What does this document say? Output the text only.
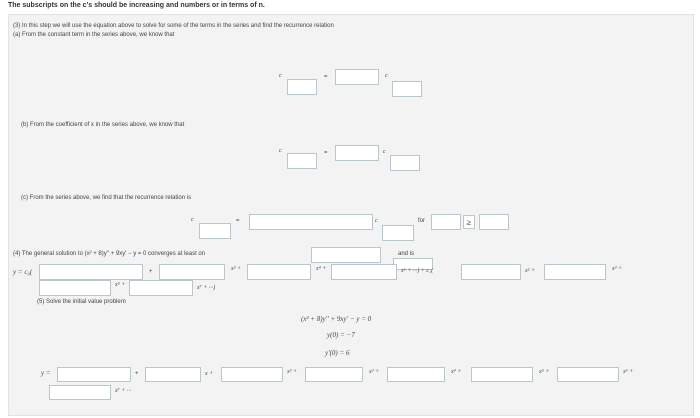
The subscripts on the c's should be increasing and numbers or in terms of n.
(3) In this step we will use the equation above to solve for some of the terms in the series and find the recurrence relation
(a) From the constant term in the series above, we know that
c	=	c
(b) From the coefficient of x in the series above, we know that
c	=	c
(c) From the series above, we find that the recurrence relation is
c	=	c	for	≥
(4) The general solution to (x² + 8)y'' + 9xy' − y = 0 converges at least on	and is
y = c₀(	+	x² +	x⁴ +	x⁶ + ···) + c₁(	x² +	x³ +
x⁵ +	x⁷ + ···)
(5) Solve the initial value problem
(x² + 8)y'' + 9xy' − y = 0
y(0) = −7
y'(0) = 6
y =	+	x +	x² +	x³ +	x⁴ +	x⁵ +	x⁶ +
x⁷ + ···
